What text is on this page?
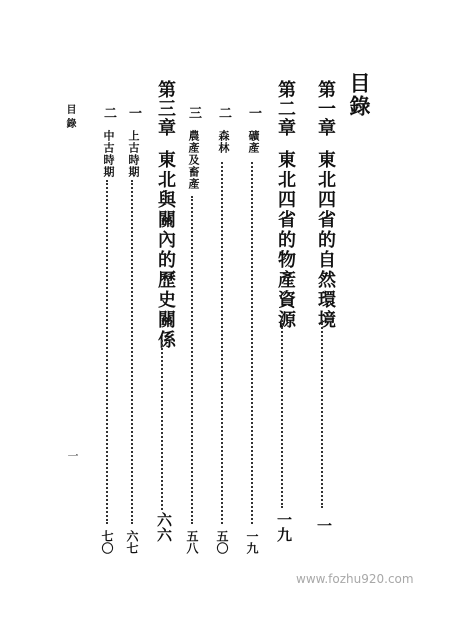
目錄
第一章
東北四省的自然環境
一
第二章
東北四省的物產資源
一九
一
礦產
一九
二
森林
五〇
三
農產及畜產
五八
第三章
東北與關內的歷史關係
六六
一
上古時期
六七
二
中古時期
七〇
目錄
一
www.fozhu920.com
